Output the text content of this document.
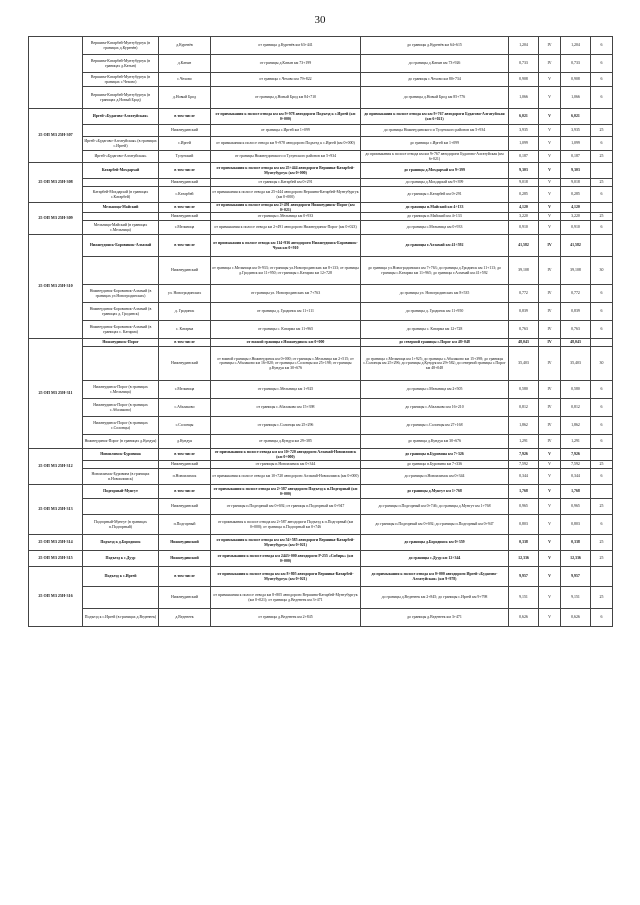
30
	Вершина-Катарбей-Мунтубургук (в границах д.Куренёв)	д.Куренёв	от границы д.Куренёв км 63+441	до границы д.Куренёв км 64+615	1,204	IV	1,204	6
	Вершина-Катарбей-Мунтубургук (в границах д.Катын)	д.Катын	от границы д.Катын км 73+199	до границы д.Катын км 73+926	0,733	IV	0,733	6
	Вершина-Катарбей-Мунтубургук (в границах с.Чехово)	с.Чехово	от границы с.Чехово км 79+822	до границы с.Чехово км 80+734	0,908	V	0,908	6
	Вершина-Катарбей-Мунтубургук (в границах д.Новый Брод)	д.Новый Брод	от границы д.Новый Брод км 84+710	до границы д.Новый Брод км 85+776	1,066	V	1,066	6
25 ОП МЗ 25Н-307	Иргей-«Будагово-Алгатуйская»	в том числе	от примыкания к полосе отвода км км 9+978 автодороги Подъезд к с.Иргей (км 0+000)	до примыкания к полосе отвода км км 9+767 автодороги Будагово-Алгатуйская (км 6+021)	6,021	V	6,021	
		Нижнеудинский	от границы с.Иргей км 1+099	до границы Нижнеудинского и Тулунского районов км 5+934	3,935	V	3,935	25
	Иргей-«Будагово-Алгатуйская» (в границах с.Иргей)	с.Иргей	от примыкания к полосе отвода км 9+978 автодороги Подъезд к с.Иргей (км 0+000)	до границы с.Иргей км 1+099	1,099	V	1,099	6
	Иргей-«Будагово-Алгатуйская»	Тулунский	от границы Нижнеудинского и Тулунского районов км 5+934	до примыкания к полосе отвода км км 9+767 автодороги Будагово-Алгатуйская (км 6+021)	0,187	V	0,187	25
25 ОП МЗ 25Н-308	Катарбей-Мохдархай	в том числе	от примыкания к полосе отвода км км 25+444 автодороги Вершина-Катарбей-Мунтубургук (км 0+000)	до границы д.Мохдархай км 9+399	9,303	V	9,303	
		Нижнеудинский	от границы с.Катарбей км 0+291	до границы д.Мохдархай км 9+399	9,018	V	9,018	25
	Катарбей-Мохдархай (в границах с.Катарбей)	с.Катарбей	от примыкания к полосе отвода км 25+444 автодороги Вершина-Катарбей-Мунтубургук (км 0+000)	до границы с.Катарбей км 0+291	0,285	V	0,285	6
25 ОП МЗ 25Н-309	Мельница-Майский	в том числе	от примыкания к полосе отвода км 2+491 автодороги Нижнеудинск-Порог (км 0+021)	до границы п.Майский км 4+133	4,120	V	4,120	
		Нижнеудинский	от границы с.Мельница км 0+933	до границы п.Майский км 4+133	3,220	V	3,220	25
	Мельница-Майский (в границах с.Мельница)	с.Мельница	от примыкания к полосе отвода км 2+491 автодороги Нижнеудинск-Порог (км 0+023)	до границы с.Мельница км 0+933	0,910	V	0,910	6
25 ОП МЗ 25Н-310	Нижнеудинск-Боровинок-Алзамай	в том числе	от примыкания к полосе отвода км 114+936 автодороги Нижнеудинск-Боровинок-Чуна км 0+910	до границы г.Алзамай км 41+592	41,582	IV	41,582	
		Нижнеудинский	от границы с.Мельница км 0+933; от границы ул.Новогродинских км 8+133; от границы д.Гродинск км 11+950; от границы с.Катарма км 12+728	до границы ул.Новогродинских км 7+763; до границы д.Гродинск км 11+113; до границы с.Катарма км 11+965; до границы г.Алзамай км 41+592	39,108	IV	39,108	30
	Нижнеудинск-Боровинок-Алзамай (в границах ул.Новогродинских)	ул. Новогродинских	от границы ул. Новогродинских км 7+763	до границы ул. Новогродинских км 8+535	0,772	IV	0,772	6
	Нижнеудинск-Боровинок-Алзамай (в границах д. Гродинск)	д. Гродинск	от границы д. Гродинск км 11+111	до границы д. Гродинск км 11+950	0,839	IV	0,839	6
	Нижнеудинск-Боровинок-Алзамай (в границах с. Катарма)	с. Катарма	от границы с. Катарма км 11+965	до границы с. Катарма км 12+728	0,763	IV	0,763	6
25 ОП МЗ 25Н-311	Нижнеудинск-Порог	в том числе	от южной границы г.Нижнеудинск км 0+000	до северной границы с.Порог км 48+048	48,043	IV	48,043	
		Нижнеудинский	от южной границы г.Нижнеудинск км 0+000; от границы с.Мельница км 2+515; от границы с.Абалаково км 16+820; от границы с.Солонцы км 25+198; от границы д.Кундуя км 30+676	до границы с.Мельница км 1+925; до границы с.Абалаково км 15+398; до границы с.Солонцы км 25+296; до границы д.Кундуя км 29+582; до северной границы с.Порог км 48+048	35,403	IV	35,403	30
	Нижнеудинск-Порог (в границах с.Мельница)	с.Мельница	от границы с.Мельница км 1+925	до границы с.Мельница км 2+505	0,580	IV	0,580	6
	Нижнеудинск-Порог (в границах с.Абалаково)	с.Абалаково	от границы с.Абалаково км 15+398	до границы с.Абалаково км 16+210	0,812	IV	0,812	6
	Нижнеудинск-Порог (в границах с.Солонцы)	с.Солонцы	от границы с.Солонцы км 25+296	до границы с.Солонцы км 27+168	1,862	IV	1,862	6
	Нижнеудинск-Порог (в границах д.Кундуя)	д.Кундуя	от границы д.Кундуя км 29+385	до границы д.Кундуя км 30+676	1,291	IV	1,291	6
25 ОП МЗ 25Н-312	Новоилимск-Буровина	в том числе	от примыкания к полосе отвода км км 10+720 автодороги Алзамай-Новоилимск (км 0+000)	до границы п.Буровина км 7+326	7,926	V	7,926	
		Нижнеудинский	от границы п.Новоилимск км 0+344	до границы п.Буровина км 7+336	7,592	V	7,592	25
	Новоилимск-Буровина (в границах п.Новоилимск)	п.Новоилимск	от примыкания к полосе отвода км 10+720 автодороги Алзамай-Новоилимск (км 0+000)	до границы п.Новоилимск км 0+344	0,344	V	0,344	6
25 ОП МЗ 25Н-313	Подгорный-Мунгут	в том числе	от примыкания к полосе отвода км 2+587 автодороги Подъезд к п.Подгорный (км 0+000)	до границы д.Мунгут км 1+768	1,768	V	1,768	
		Нижнеудинский	от границы п.Подгорный км 0+692; от границы п.Подгорный км 0+947	до границы п.Подгорный км 0+746; до границы д.Мунгут км 1+768	0,965	V	0,965	25
	Подгорный-Мунгут (в границах п.Подгорный)	п.Подгорный	от примыкания к полосе отвода км 2+587 автодороги Подъезд к п.Подгорный (км 0+000); от границы п.Подгорный км 0+746	до границы п.Подгорный км 0+692; до границы п.Подгорный км 0+947	0,803	V	0,803	6
25 ОП МЗ 25Н-314	Подъезд к д.Бородинск	Нижнеудинский	от примыкания к полосе отвода км км 54+585 автодороги Вершина-Катарбей-Мунтубургук (км 0+021)	до границы д.Бородинск км 0+359	0,338	V	0,338	25
25 ОП МЗ 25Н-315	Подъезд к с.Дуур	Нижнеудинский	от примыкания к полосе отвода км 2443+000 автодороги Р-255 «Сибирь» (км 0+000)	до границы с.Дуур км 12+344	12,336	V	12,336	25
25 ОП МЗ 25Н-316	Подъезд к с.Иргей	в том числе	от примыкания к полосе отвода км км 8+805 автодороги Вершина-Катарбей-Мунтубургук (км 0+021)	до примыкания к полосе отвода км 0+000 автодороги Иргей-«Будагово-Алгатуйская» (км 9+978)	9,957	V	9,957	
		Нижнеудинский	от примыкания к полосе отвода км 8+805 автодороги Вершина-Катарбей-Мунтубургук (км 0+021); от границы д.Веденеек км 3+471	до границы д.Веденеек км 2+845; до границы с.Иргей км 9+798	9,151	V	9,151	25
	Подъезд к с.Иргей (в границах д.Веденеек)	д.Веденеек	от границы д.Веденеек км 2+845	до границы д.Веденеек км 3+471	0,626	V	0,626	6
